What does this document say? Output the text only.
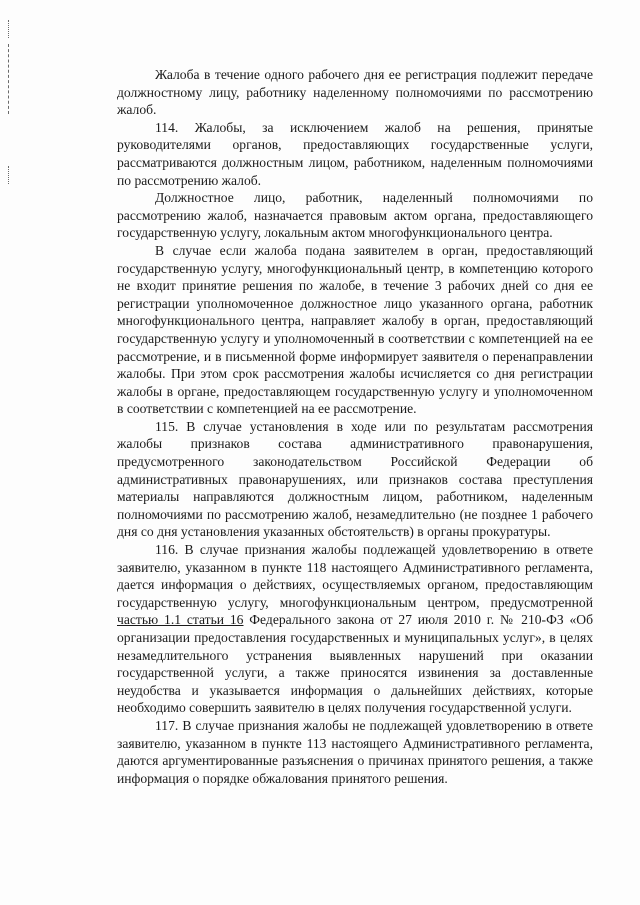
Жалоба в течение одного рабочего дня ее регистрация подлежит передаче должностному лицу, работнику наделенному полномочиями по рассмотрению жалоб.

114. Жалобы, за исключением жалоб на решения, принятые руководителями органов, предоставляющих государственные услуги, рассматриваются должностным лицом, работником, наделенным полномочиями по рассмотрению жалоб.

Должностное лицо, работник, наделенный полномочиями по рассмотрению жалоб, назначается правовым актом органа, предоставляющего государственную услугу, локальным актом многофункционального центра.

В случае если жалоба подана заявителем в орган, предоставляющий государственную услугу, многофункциональный центр, в компетенцию которого не входит принятие решения по жалобе, в течение 3 рабочих дней со дня ее регистрации уполномоченное должностное лицо указанного органа, работник многофункционального центра, направляет жалобу в орган, предоставляющий государственную услугу и уполномоченный в соответствии с компетенцией на ее рассмотрение, и в письменной форме информирует заявителя о перенаправлении жалобы. При этом срок рассмотрения жалобы исчисляется со дня регистрации жалобы в органе, предоставляющем государственную услугу и уполномоченном в соответствии с компетенцией на ее рассмотрение.

115. В случае установления в ходе или по результатам рассмотрения жалобы признаков состава административного правонарушения, предусмотренного законодательством Российской Федерации об административных правонарушениях, или признаков состава преступления материалы направляются должностным лицом, работником, наделенным полномочиями по рассмотрению жалоб, незамедлительно (не позднее 1 рабочего дня со дня установления указанных обстоятельств) в органы прокуратуры.

116. В случае признания жалобы подлежащей удовлетворению в ответе заявителю, указанном в пункте 118 настоящего Административного регламента, дается информация о действиях, осуществляемых органом, предоставляющим государственную услугу, многофункциональным центром, предусмотренной частью 1.1 статьи 16 Федерального закона от 27 июля 2010 г. № 210-ФЗ «Об организации предоставления государственных и муниципальных услуг», в целях незамедлительного устранения выявленных нарушений при оказании государственной услуги, а также приносятся извинения за доставленные неудобства и указывается информация о дальнейших действиях, которые необходимо совершить заявителю в целях получения государственной услуги.

117. В случае признания жалобы не подлежащей удовлетворению в ответе заявителю, указанном в пункте 113 настоящего Административного регламента, даются аргументированные разъяснения о причинах принятого решения, а также информация о порядке обжалования принятого решения.
